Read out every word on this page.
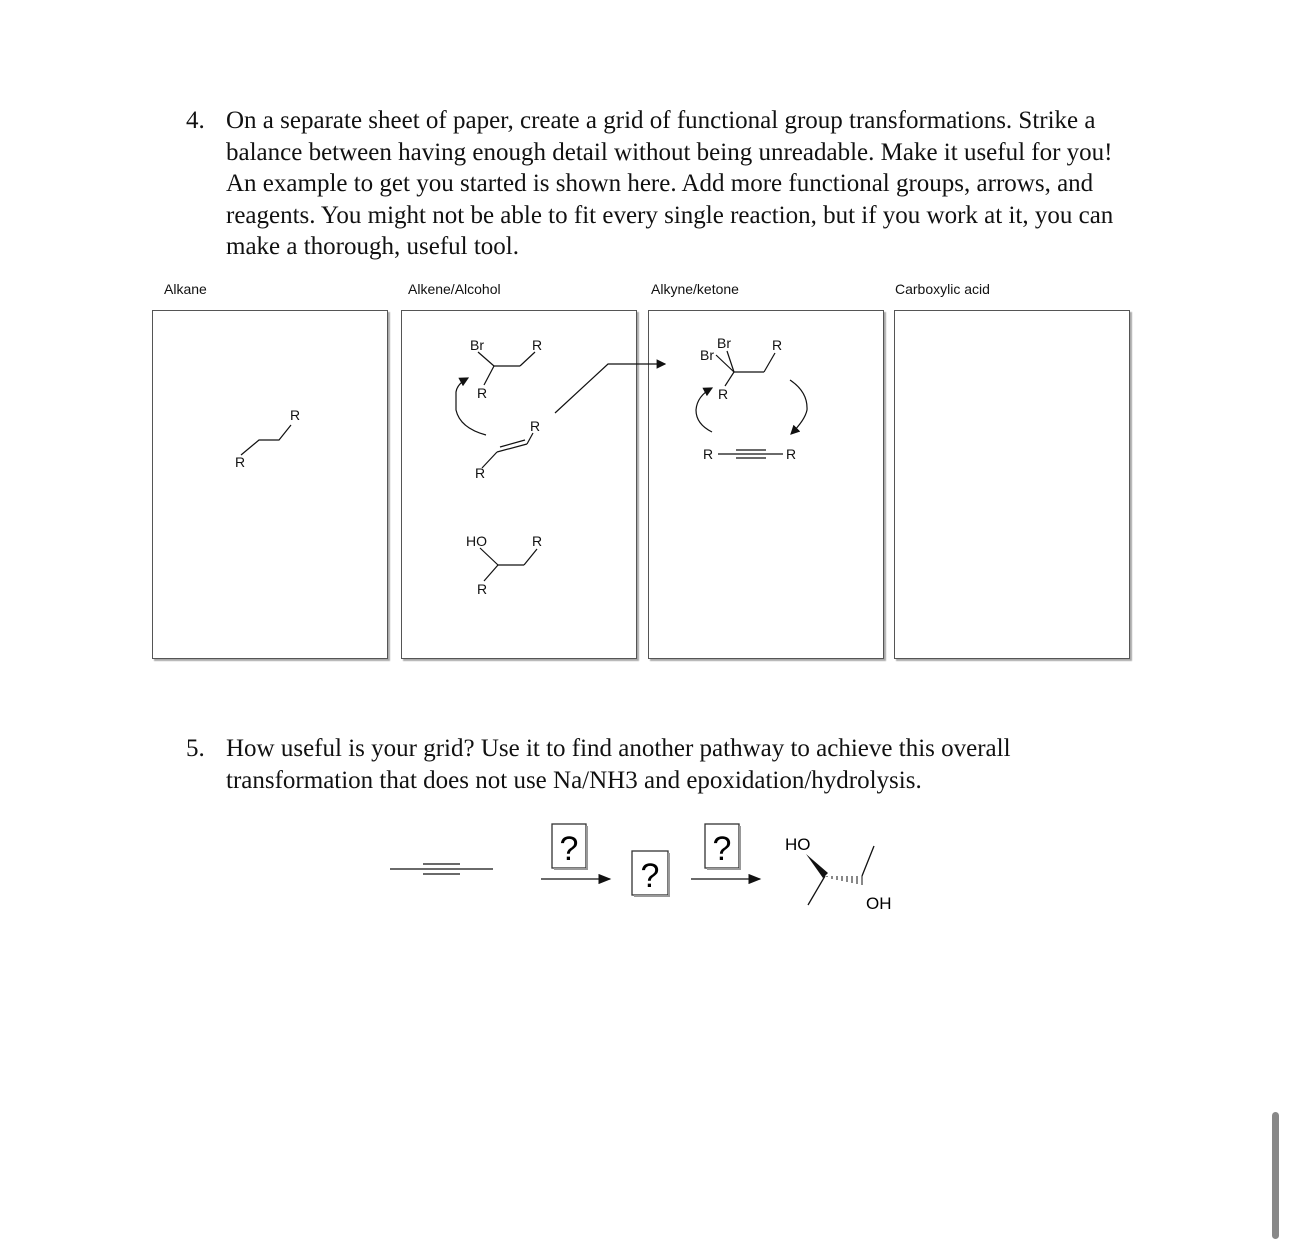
4. On a separate sheet of paper, create a grid of functional group transformations. Strike a
balance between having enough detail without being unreadable. Make it useful for you!
An example to get you started is shown here. Add more functional groups, arrows, and
reagents. You might not be able to fit every single reaction, but if you work at it, you can
make a thorough, useful tool.
Alkane	Alkene/Alcohol	Alkyne/ketone	Carboxylic acid
R
R
Br	R
R
R
R
HO	R
R
Br
Br
R
R
R	R
5. How useful is your grid? Use it to find another pathway to achieve this overall
transformation that does not use Na/NH3 and epoxidation/hydrolysis.
?
?
?	HO
OH
